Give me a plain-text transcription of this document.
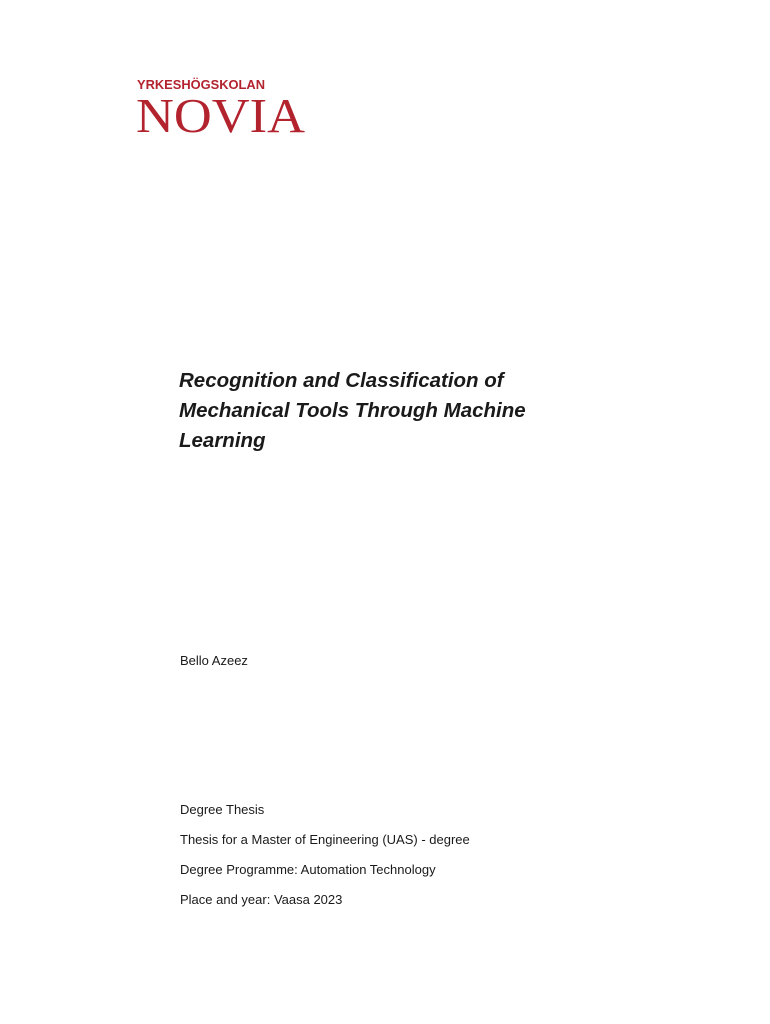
YRKESHÖGSKOLAN
NOVIA
Recognition and Classification of
Mechanical Tools Through Machine
Learning
Bello Azeez
Degree Thesis
Thesis for a Master of Engineering (UAS) - degree
Degree Programme: Automation Technology
Place and year: Vaasa 2023
